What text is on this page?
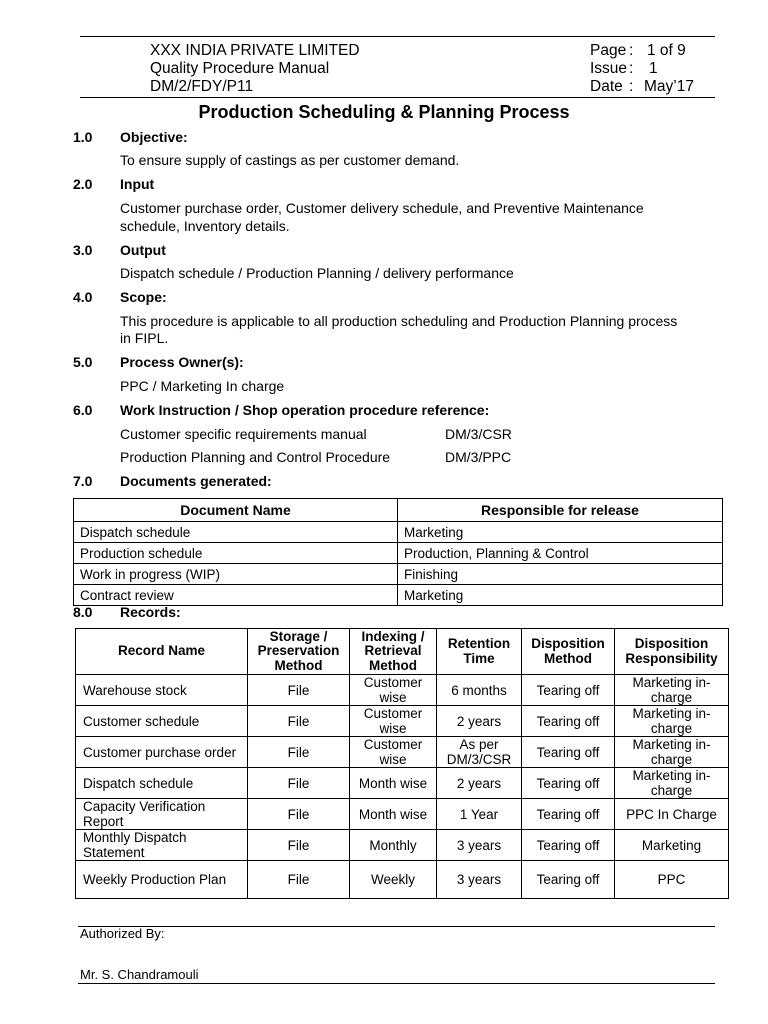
XXX INDIA PRIVATE LIMITED
Quality Procedure Manual
DM/2/FDY/P11
Page : 1 of 9
Issue : 1
Date : May’17
Production Scheduling & Planning Process
1.0 Objective:
To ensure supply of castings as per customer demand.
2.0 Input
Customer purchase order, Customer delivery schedule, and Preventive Maintenance
schedule, Inventory details.
3.0 Output
Dispatch schedule / Production Planning / delivery performance
4.0 Scope:
This procedure is applicable to all production scheduling and Production Planning process
in FIPL.
5.0 Process Owner(s):
PPC / Marketing In charge
6.0 Work Instruction / Shop operation procedure reference:
Customer specific requirements manual	DM/3/CSR
Production Planning and Control Procedure	DM/3/PPC
7.0 Documents generated:
Document Name	Responsible for release
Dispatch schedule	Marketing
Production schedule	Production, Planning & Control
Work in progress (WIP)	Finishing
Contract review	Marketing
8.0 Records:
Record Name	Storage / Preservation Method	Indexing / Retrieval Method	Retention Time	Disposition Method	Disposition Responsibility

Warehouse stock	File	Customer wise	6 months	Tearing off	Marketing in-charge

Customer schedule	File	Customer wise	2 years	Tearing off	Marketing in-charge

Customer purchase order	File	Customer wise	As per DM/3/CSR	Tearing off	Marketing in-charge

Dispatch schedule	File	Month wise	2 years	Tearing off	Marketing in-charge

Capacity Verification Report	File	Month wise	1 Year	Tearing off	PPC In Charge

Monthly Dispatch Statement	File	Monthly	3 years	Tearing off	Marketing

Weekly Production Plan	File	Weekly	3 years	Tearing off	PPC
Authorized By:
Mr. S. Chandramouli
